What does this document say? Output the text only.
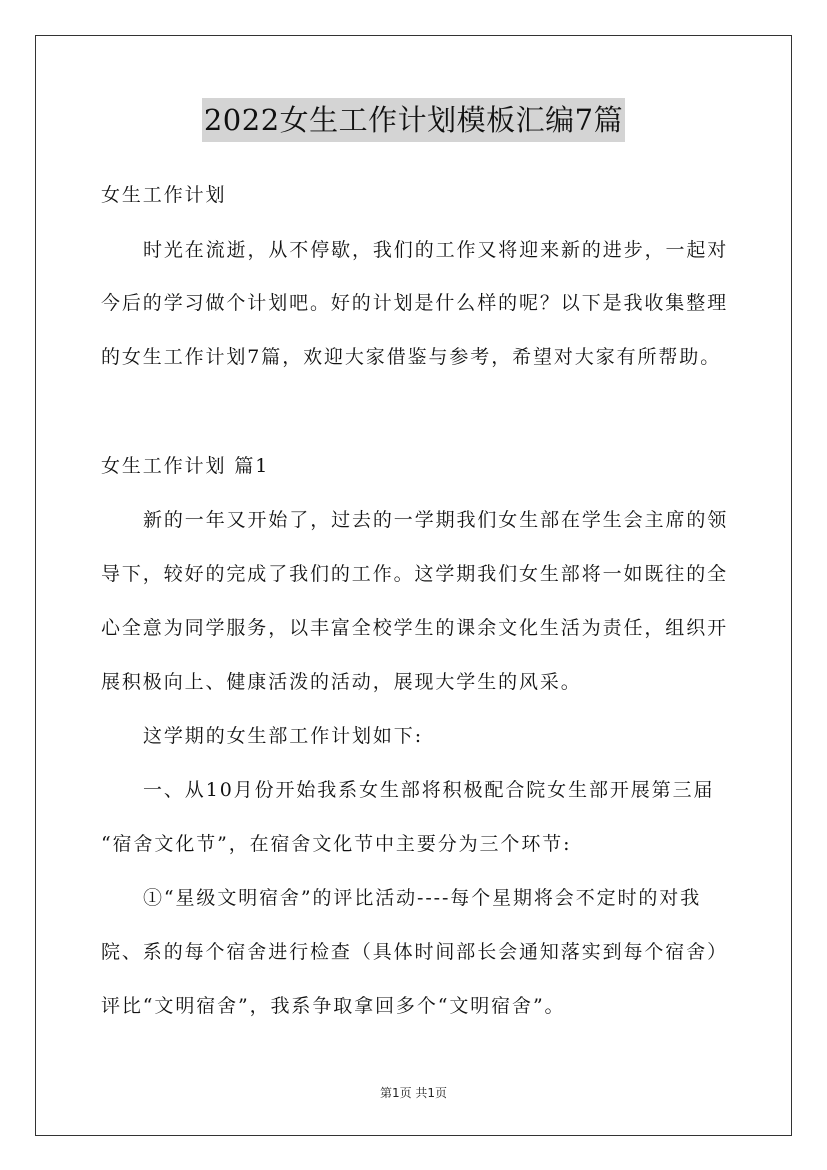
2022女生工作计划模板汇编7篇
女生工作计划
时光在流逝，从不停歇，我们的工作又将迎来新的进步，一起对
今后的学习做个计划吧。好的计划是什么样的呢？以下是我收集整理
的女生工作计划7篇，欢迎大家借鉴与参考，希望对大家有所帮助。
女生工作计划 篇1
新的一年又开始了，过去的一学期我们女生部在学生会主席的领
导下，较好的完成了我们的工作。这学期我们女生部将一如既往的全
心全意为同学服务，以丰富全校学生的课余文化生活为责任，组织开
展积极向上、健康活泼的活动，展现大学生的风采。
这学期的女生部工作计划如下:
一、从10月份开始我系女生部将积极配合院女生部开展第三届
“宿舍文化节”，在宿舍文化节中主要分为三个环节:
①“星级文明宿舍”的评比活动----每个星期将会不定时的对我
院、系的每个宿舍进行检查（具体时间部长会通知落实到每个宿舍）
评比“文明宿舍”，我系争取拿回多个“文明宿舍”。
第1页 共1页
